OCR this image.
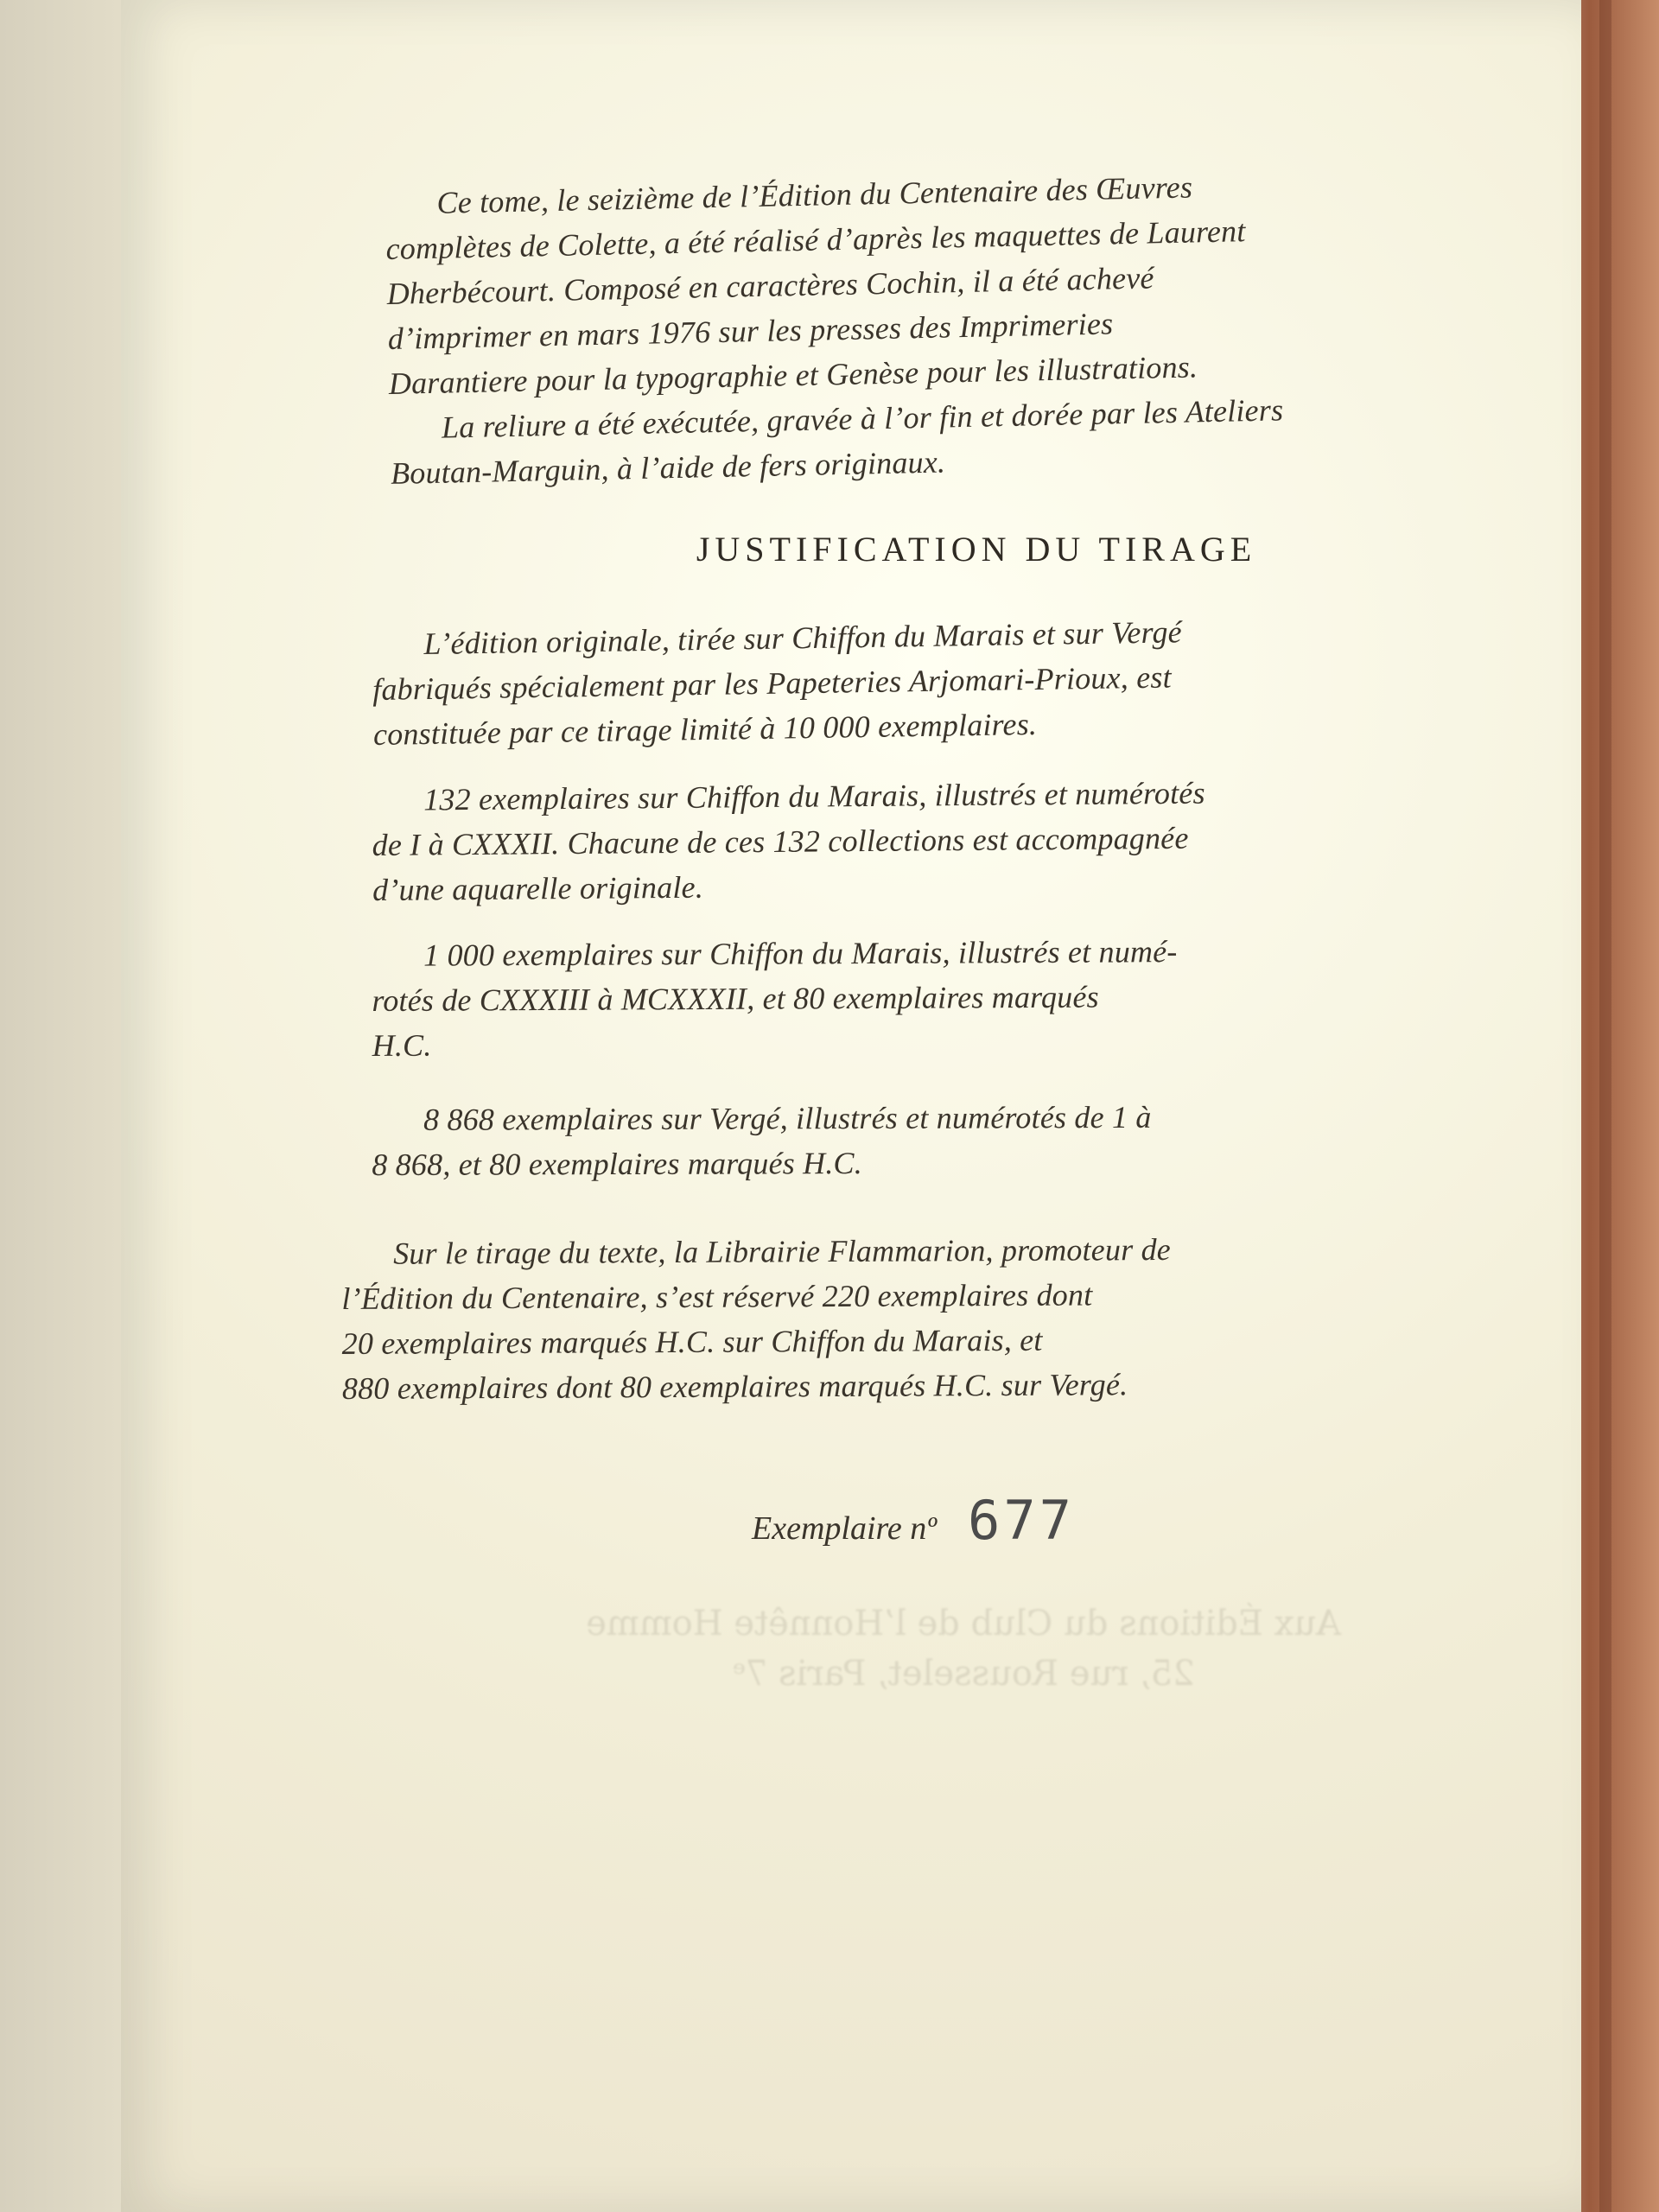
Ce tome, le seizième de l’Édition du Centenaire des Œuvres

complètes de Colette, a été réalisé d’après les maquettes de Laurent

Dherbécourt. Composé en caractères Cochin, il a été achevé

d’imprimer en mars 1976 sur les presses des Imprimeries

Darantiere pour la typographie et Genèse pour les illustrations.

La reliure a été exécutée, gravée à l’or fin et dorée par les Ateliers

Boutan-Marguin, à l’aide de fers originaux.

JUSTIFICATION DU TIRAGE

L’édition originale, tirée sur Chiffon du Marais et sur Vergé

fabriqués spécialement par les Papeteries Arjomari-Prioux, est

constituée par ce tirage limité à 10 000 exemplaires.

132 exemplaires sur Chiffon du Marais, illustrés et numérotés

de I à CXXXII. Chacune de ces 132 collections est accompagnée

d’une aquarelle originale.

1 000 exemplaires sur Chiffon du Marais, illustrés et numé-

rotés de CXXXIII à MCXXXII, et 80 exemplaires marqués

H.C.

8 868 exemplaires sur Vergé, illustrés et numérotés de 1 à

8 868, et 80 exemplaires marqués H.C.

Sur le tirage du texte, la Librairie Flammarion, promoteur de

l’Édition du Centenaire, s’est réservé 220 exemplaires dont

20 exemplaires marqués H.C. sur Chiffon du Marais, et

880 exemplaires dont 80 exemplaires marqués H.C. sur Vergé.

Exemplaire nº 677
Aux Éditions du Club de l’Honnête Homme
25, rue Rousselet, Paris 7ᵉ
